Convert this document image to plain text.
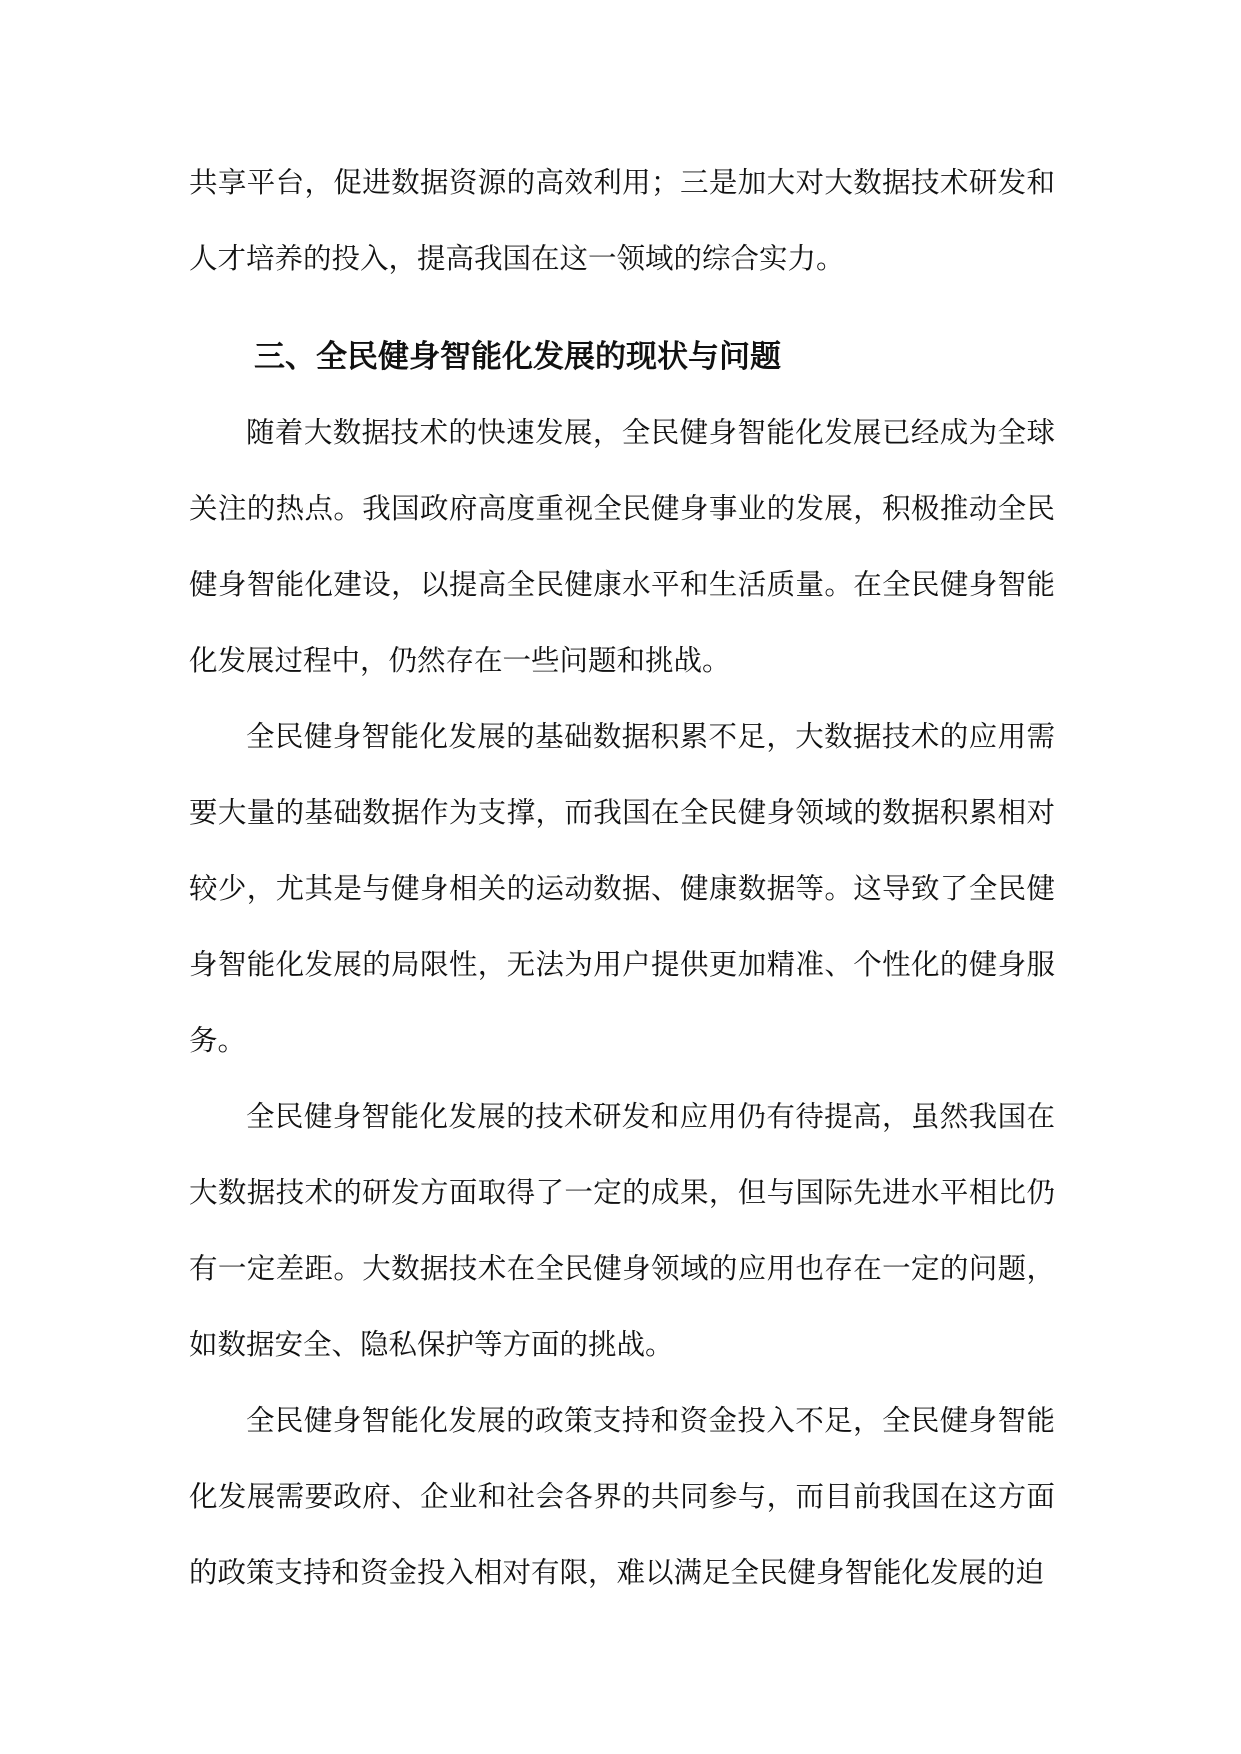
共享平台，促进数据资源的高效利用；三是加大对大数据技术研发和人才培养的投入，提高我国在这一领域的综合实力。

三、全民健身智能化发展的现状与问题

随着大数据技术的快速发展，全民健身智能化发展已经成为全球关注的热点。我国政府高度重视全民健身事业的发展，积极推动全民健身智能化建设，以提高全民健康水平和生活质量。在全民健身智能化发展过程中，仍然存在一些问题和挑战。

全民健身智能化发展的基础数据积累不足，大数据技术的应用需要大量的基础数据作为支撑，而我国在全民健身领域的数据积累相对较少，尤其是与健身相关的运动数据、健康数据等。这导致了全民健身智能化发展的局限性，无法为用户提供更加精准、个性化的健身服务。

全民健身智能化发展的技术研发和应用仍有待提高，虽然我国在大数据技术的研发方面取得了一定的成果，但与国际先进水平相比仍有一定差距。大数据技术在全民健身领域的应用也存在一定的问题，如数据安全、隐私保护等方面的挑战。

全民健身智能化发展的政策支持和资金投入不足，全民健身智能化发展需要政府、企业和社会各界的共同参与，而目前我国在这方面的政策支持和资金投入相对有限，难以满足全民健身智能化发展的迫
